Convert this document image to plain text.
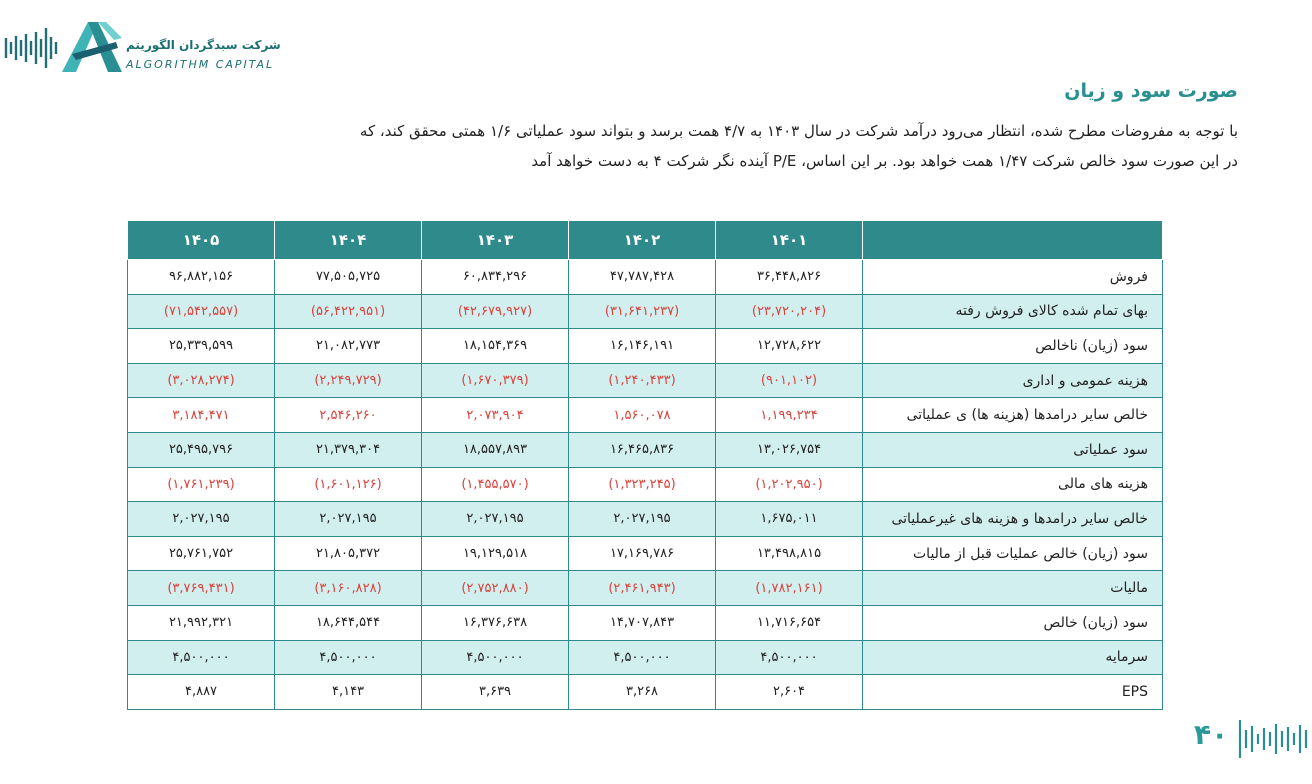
شرکت سبدگردان الگوریتم
ALGORITHM CAPITAL
صورت سود و زیان

با توجه به مفروضات مطرح شده، انتظار می‌رود درآمد شرکت در سال ۱۴۰۳ به ۴/۷ همت برسد و بتواند سود عملیاتی ۱/۶ همتی محقق کند، که

در این صورت سود خالص شرکت ۱/۴۷ همت خواهد بود. بر این اساس، P/E آینده نگر شرکت ۴ به دست خواهد آمد

	۱۴۰۱	۱۴۰۲	۱۴۰۳	۱۴۰۴	۱۴۰۵
فروش	۳۶,۴۴۸,۸۲۶	۴۷,۷۸۷,۴۲۸	۶۰,۸۳۴,۲۹۶	۷۷,۵۰۵,۷۲۵	۹۶,۸۸۲,۱۵۶
بهای تمام شده کالای فروش رفته	(۲۳,۷۲۰,۲۰۴)	(۳۱,۶۴۱,۲۳۷)	(۴۲,۶۷۹,۹۲۷)	(۵۶,۴۲۲,۹۵۱)	(۷۱,۵۴۲,۵۵۷)
سود (زیان) ناخالص	۱۲,۷۲۸,۶۲۲	۱۶,۱۴۶,۱۹۱	۱۸,۱۵۴,۳۶۹	۲۱,۰۸۲,۷۷۳	۲۵,۳۳۹,۵۹۹
هزینه عمومی و اداری	(۹۰۱,۱۰۲)	(۱,۲۴۰,۴۳۳)	(۱,۶۷۰,۳۷۹)	(۲,۲۴۹,۷۲۹)	(۳,۰۲۸,۲۷۴)
خالص سایر درامدها (هزینه ها) ی عملیاتی	۱,۱۹۹,۲۳۴	۱,۵۶۰,۰۷۸	۲,۰۷۳,۹۰۴	۲,۵۴۶,۲۶۰	۳,۱۸۴,۴۷۱
سود عملیاتی	۱۳,۰۲۶,۷۵۴	۱۶,۴۶۵,۸۳۶	۱۸,۵۵۷,۸۹۳	۲۱,۳۷۹,۳۰۴	۲۵,۴۹۵,۷۹۶
هزینه های مالی	(۱,۲۰۲,۹۵۰)	(۱,۳۲۳,۲۴۵)	(۱,۴۵۵,۵۷۰)	(۱,۶۰۱,۱۲۶)	(۱,۷۶۱,۲۳۹)
خالص سایر درامدها و هزینه های غیرعملیاتی	۱,۶۷۵,۰۱۱	۲,۰۲۷,۱۹۵	۲,۰۲۷,۱۹۵	۲,۰۲۷,۱۹۵	۲,۰۲۷,۱۹۵
سود (زیان) خالص عملیات قبل از مالیات	۱۳,۴۹۸,۸۱۵	۱۷,۱۶۹,۷۸۶	۱۹,۱۲۹,۵۱۸	۲۱,۸۰۵,۳۷۲	۲۵,۷۶۱,۷۵۲
مالیات	(۱,۷۸۲,۱۶۱)	(۲,۴۶۱,۹۴۳)	(۲,۷۵۲,۸۸۰)	(۳,۱۶۰,۸۲۸)	(۳,۷۶۹,۴۳۱)
سود (زیان) خالص	۱۱,۷۱۶,۶۵۴	۱۴,۷۰۷,۸۴۳	۱۶,۳۷۶,۶۳۸	۱۸,۶۴۴,۵۴۴	۲۱,۹۹۲,۳۲۱
سرمایه	۴,۵۰۰,۰۰۰	۴,۵۰۰,۰۰۰	۴,۵۰۰,۰۰۰	۴,۵۰۰,۰۰۰	۴,۵۰۰,۰۰۰
EPS	۲,۶۰۴	۳,۲۶۸	۳,۶۳۹	۴,۱۴۳	۴,۸۸۷
۴۰
